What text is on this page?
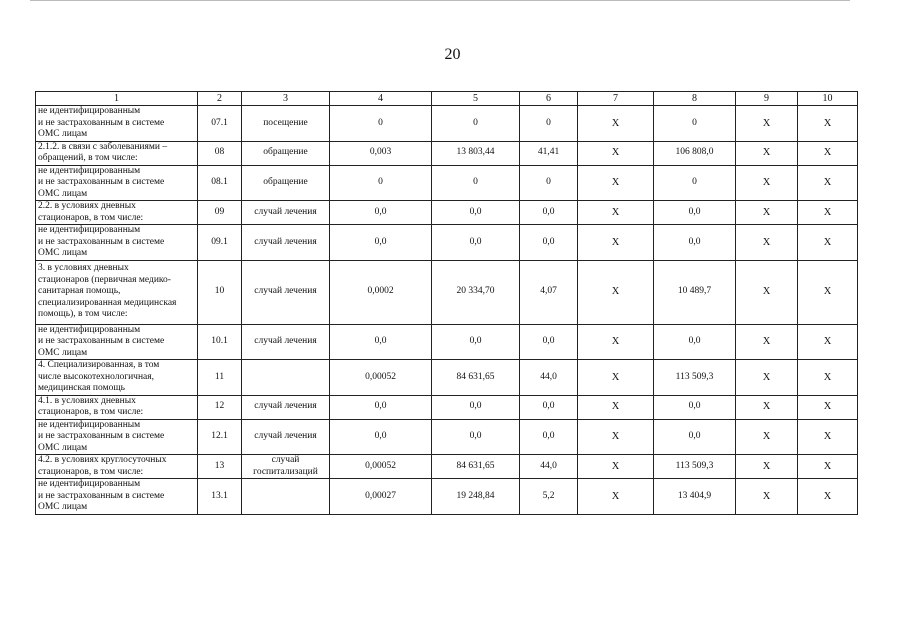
20
1	2	3	4	5	6	7	8	9	10
не идентифицированным
и не застрахованным в системе
ОМС лицам	07.1	посещение	0	0	0	X	0	X	X
2.1.2. в связи с заболеваниями –
обращений, в том числе:	08	обращение	0,003	13 803,44	41,41	X	106 808,0	X	X
не идентифицированным
и не застрахованным в системе
ОМС лицам	08.1	обращение	0	0	0	X	0	X	X
2.2. в условиях дневных
стационаров, в том числе:	09	случай лечения	0,0	0,0	0,0	X	0,0	X	X
не идентифицированным
и не застрахованным в системе
ОМС лицам	09.1	случай лечения	0,0	0,0	0,0	X	0,0	X	X
3. в условиях дневных
стационаров (первичная медико-
санитарная помощь,
специализированная медицинская
помощь), в том числе:	10	случай лечения	0,0002	20 334,70	4,07	X	10 489,7	X	X
не идентифицированным
и не застрахованным в системе
ОМС лицам	10.1	случай лечения	0,0	0,0	0,0	X	0,0	X	X
4. Специализированная, в том
числе высокотехнологичная,
медицинская помощь	11		0,00052	84 631,65	44,0	X	113 509,3	X	X
4.1. в условиях дневных
стационаров, в том числе:	12	случай лечения	0,0	0,0	0,0	X	0,0	X	X
не идентифицированным
и не застрахованным в системе
ОМС лицам	12.1	случай лечения	0,0	0,0	0,0	X	0,0	X	X
4.2. в условиях круглосуточных
стационаров, в том числе:	13	случай
госпитализаций	0,00052	84 631,65	44,0	X	113 509,3	X	X
не идентифицированным
и не застрахованным в системе
ОМС лицам	13.1		0,00027	19 248,84	5,2	X	13 404,9	X	X
